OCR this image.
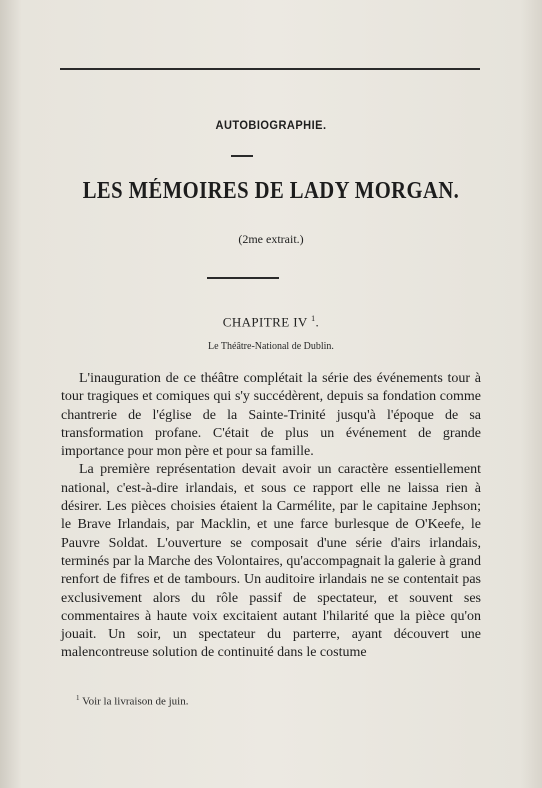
AUTOBIOGRAPHIE.
LES MÉMOIRES DE LADY MORGAN.
(2me extrait.)
CHAPITRE IV $^1$.
Le Théâtre-National de Dublin.

L'inauguration de ce théâtre complétait la série des événements tour à tour tragiques et comiques qui s'y succédèrent, depuis sa fondation comme chantrerie de l'église de la Sainte-Trinité jusqu'à l'époque de sa transformation profane. C'était de plus un événement de grande importance pour mon père et pour sa famille.

La première représentation devait avoir un caractère essentiellement national, c'est-à-dire irlandais, et sous ce rapport elle ne laissa rien à désirer. Les pièces choisies étaient la Carmélite, par le capitaine Jephson; le Brave Irlandais, par Macklin, et une farce burlesque de O'Keefe, le Pauvre Soldat. L'ouverture se composait d'une série d'airs irlandais, terminés par la Marche des Volontaires, qu'accompagnait la galerie à grand renfort de fifres et de tambours. Un auditoire irlandais ne se contentait pas exclusivement alors du rôle passif de spectateur, et souvent ses commentaires à haute voix excitaient autant l'hilarité que la pièce qu'on jouait. Un soir, un spectateur du parterre, ayant découvert une malencontreuse solution de continuité dans le costume

$^1$ Voir la livraison de juin.
